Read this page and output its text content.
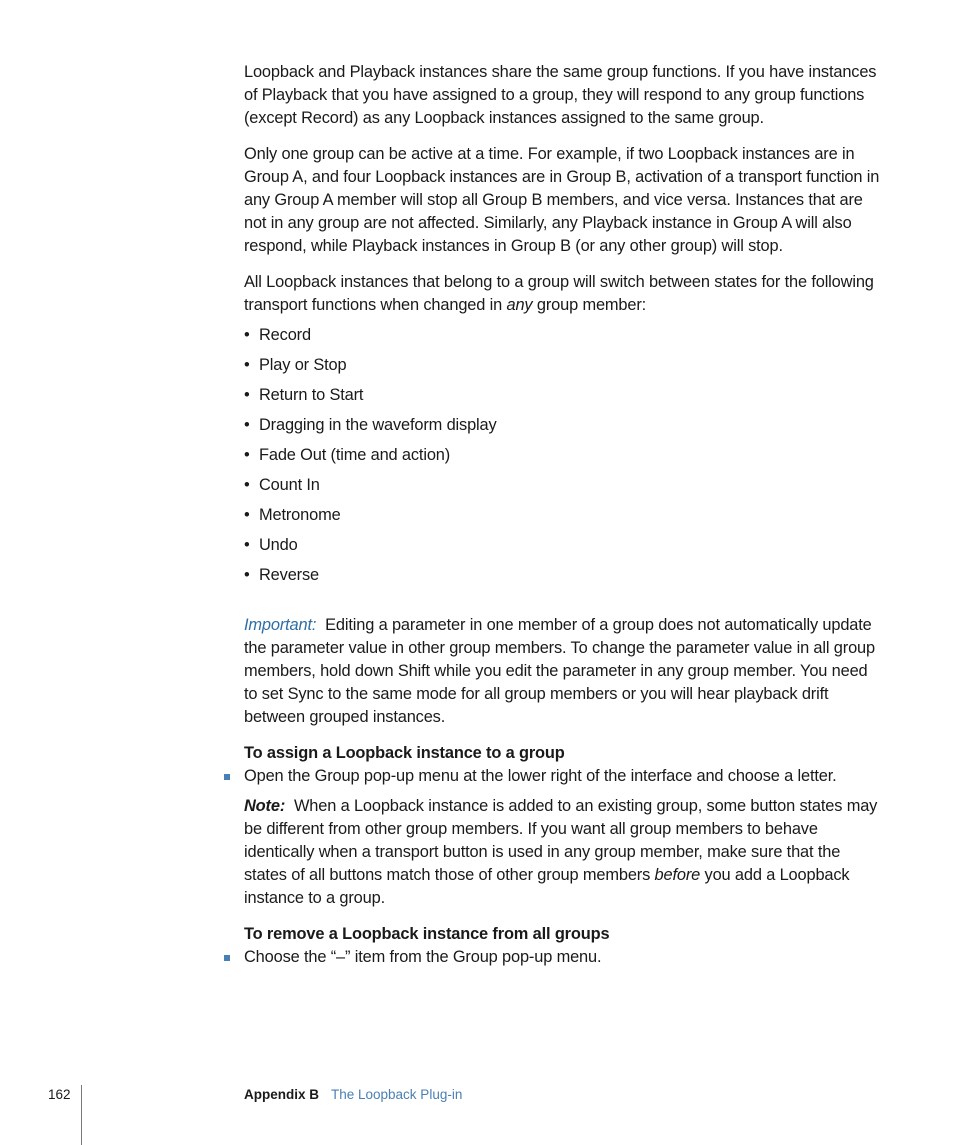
Loopback and Playback instances share the same group functions. If you have instances of Playback that you have assigned to a group, they will respond to any group functions (except Record) as any Loopback instances assigned to the same group.

Only one group can be active at a time. For example, if two Loopback instances are in Group A, and four Loopback instances are in Group B, activation of a transport function in any Group A member will stop all Group B members, and vice versa. Instances that are not in any group are not affected. Similarly, any Playback instance in Group A will also respond, while Playback instances in Group B (or any other group) will stop.

All Loopback instances that belong to a group will switch between states for the following transport functions when changed in any group member:

• Record
• Play or Stop
• Return to Start
• Dragging in the waveform display
• Fade Out (time and action)
• Count In
• Metronome
• Undo
• Reverse

Important: Editing a parameter in one member of a group does not automatically update the parameter value in other group members. To change the parameter value in all group members, hold down Shift while you edit the parameter in any group member. You need to set Sync to the same mode for all group members or you will hear playback drift between grouped instances.

To assign a Loopback instance to a group

Open the Group pop-up menu at the lower right of the interface and choose a letter.

Note: When a Loopback instance is added to an existing group, some button states may be different from other group members. If you want all group members to behave identically when a transport button is used in any group member, make sure that the states of all buttons match those of other group members before you add a Loopback instance to a group.

To remove a Loopback instance from all groups

Choose the “–” item from the Group pop-up menu.

162	Appendix B The Loopback Plug-in
